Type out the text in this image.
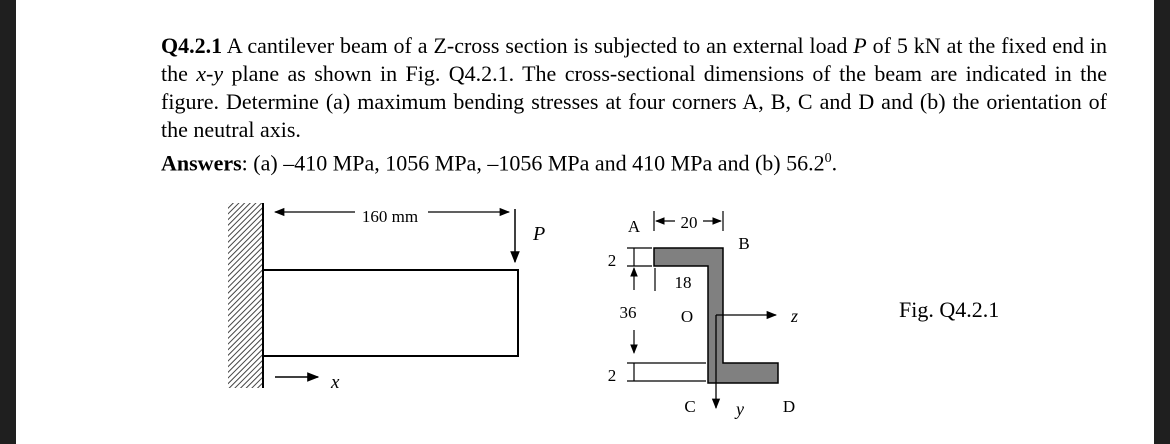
Q4.2.1 A cantilever beam of a Z-cross section is subjected to an external load P of 5 kN at the fixed end in the x-y plane as shown in Fig. Q4.2.1. The cross-sectional dimensions of the beam are indicated in the figure. Determine (a) maximum bending stresses at four corners A, B, C and D and (b) the orientation of the neutral axis.

Answers: (a) –410 MPa, 1056 MPa, –1056 MPa and 410 MPa and (b) 56.2$^0$.
160 mm
P
x
A
B
C	D
O
20
2
18
36
2
z
y
Fig. Q4.2.1
